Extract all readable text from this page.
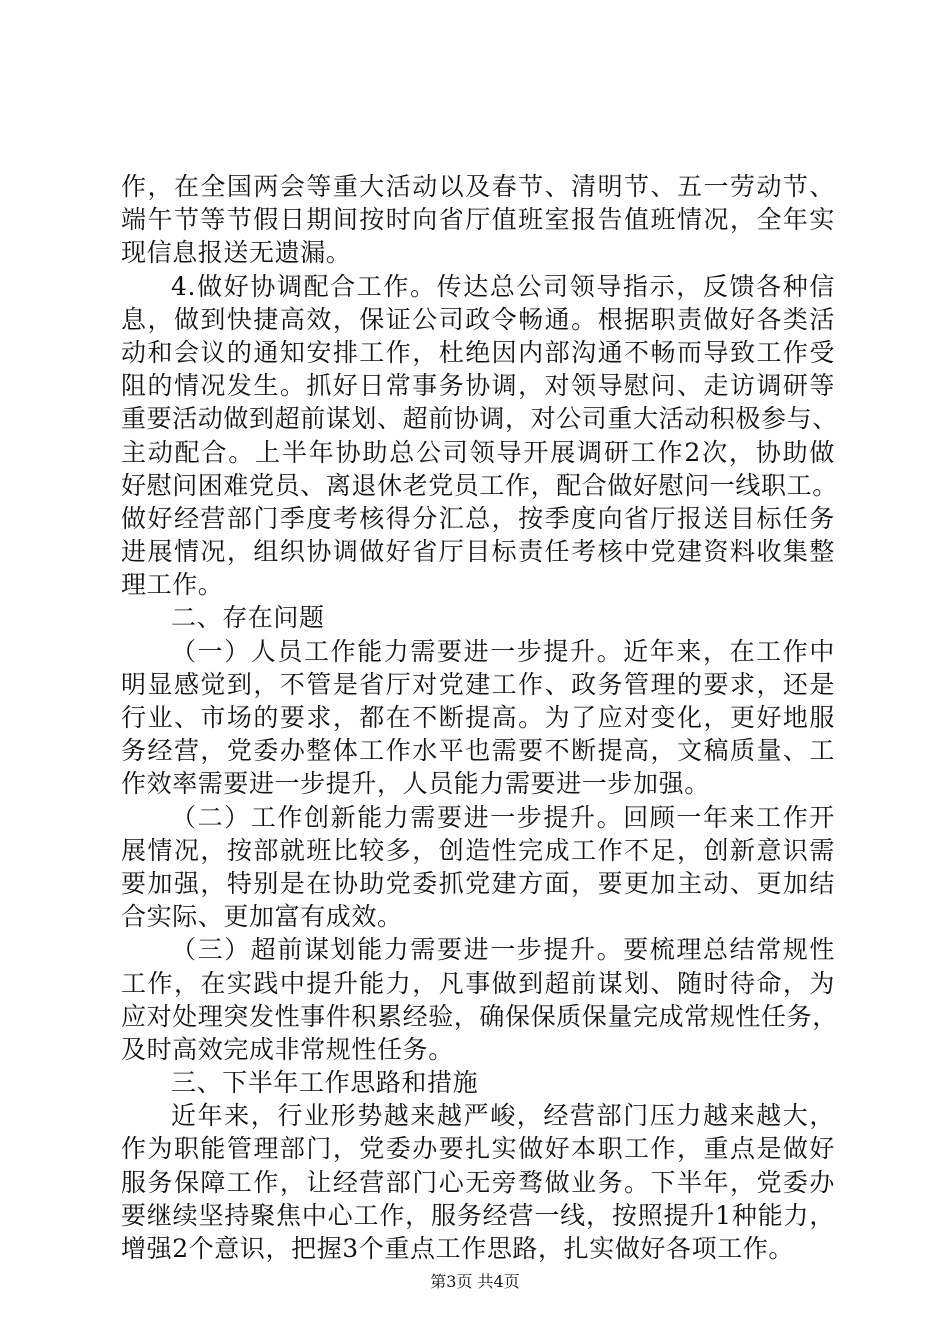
作，在全国两会等重大活动以及春节、清明节、五一劳动节、
端午节等节假日期间按时向省厅值班室报告值班情况，全年实
现信息报送无遗漏。
4.做好协调配合工作。传达总公司领导指示，反馈各种信
息，做到快捷高效，保证公司政令畅通。根据职责做好各类活
动和会议的通知安排工作，杜绝因内部沟通不畅而导致工作受
阻的情况发生。抓好日常事务协调，对领导慰问、走访调研等
重要活动做到超前谋划、超前协调，对公司重大活动积极参与、
主动配合。上半年协助总公司领导开展调研工作2次，协助做
好慰问困难党员、离退休老党员工作，配合做好慰问一线职工。
做好经营部门季度考核得分汇总，按季度向省厅报送目标任务
进展情况，组织协调做好省厅目标责任考核中党建资料收集整
理工作。
二、存在问题
（一）人员工作能力需要进一步提升。近年来，在工作中
明显感觉到，不管是省厅对党建工作、政务管理的要求，还是
行业、市场的要求，都在不断提高。为了应对变化，更好地服
务经营，党委办整体工作水平也需要不断提高，文稿质量、工
作效率需要进一步提升，人员能力需要进一步加强。
（二）工作创新能力需要进一步提升。回顾一年来工作开
展情况，按部就班比较多，创造性完成工作不足，创新意识需
要加强，特别是在协助党委抓党建方面，要更加主动、更加结
合实际、更加富有成效。
（三）超前谋划能力需要进一步提升。要梳理总结常规性
工作，在实践中提升能力，凡事做到超前谋划、随时待命，为
应对处理突发性事件积累经验，确保保质保量完成常规性任务，
及时高效完成非常规性任务。
三、下半年工作思路和措施
近年来，行业形势越来越严峻，经营部门压力越来越大，
作为职能管理部门，党委办要扎实做好本职工作，重点是做好
服务保障工作，让经营部门心无旁骛做业务。下半年，党委办
要继续坚持聚焦中心工作，服务经营一线，按照提升1种能力，
增强2个意识，把握3个重点工作思路，扎实做好各项工作。
第3页 共4页
